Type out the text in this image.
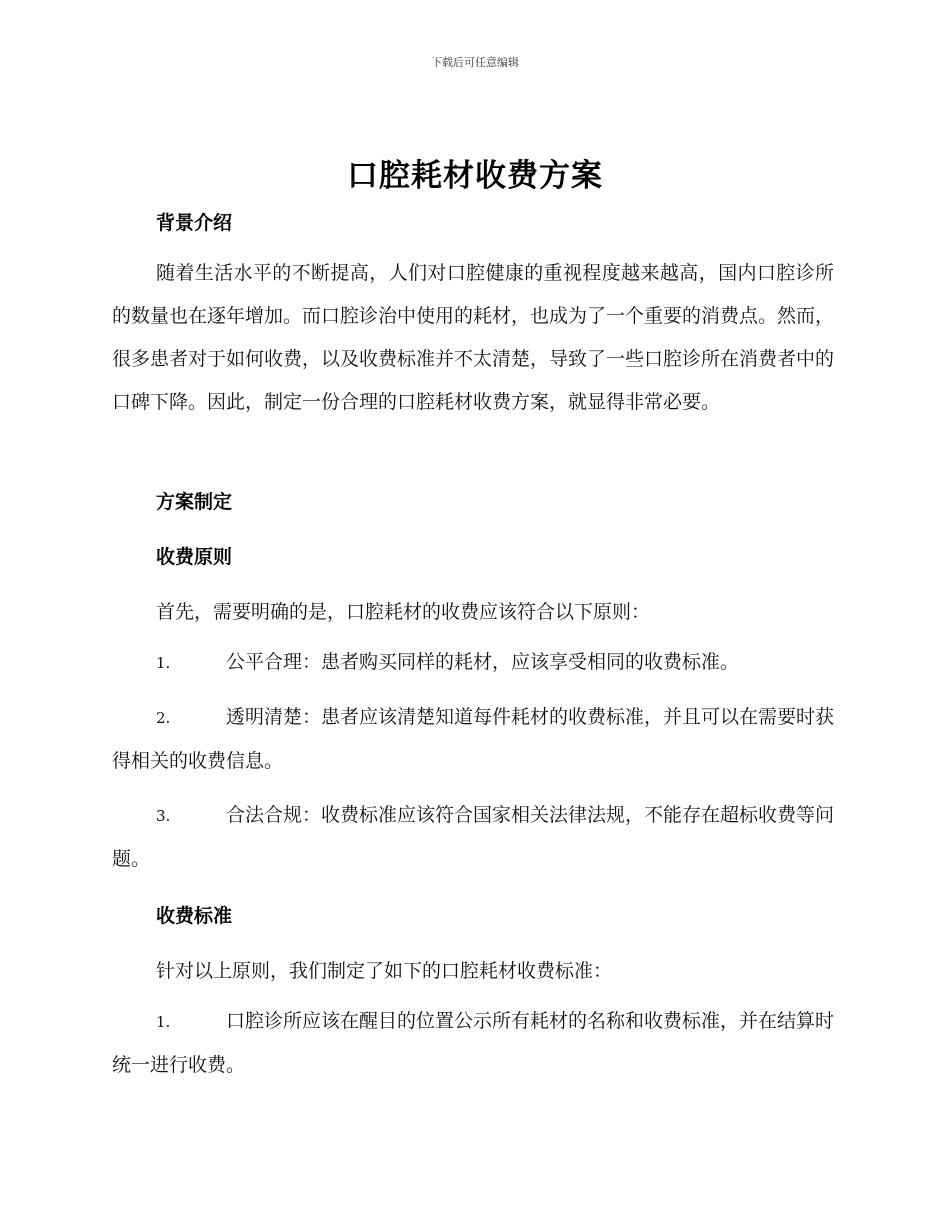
下载后可任意编辑
口腔耗材收费方案
背景介绍

随着生活水平的不断提高，人们对口腔健康的重视程度越来越高，国内口腔诊所的数量也在逐年增加。而口腔诊治中使用的耗材，也成为了一个重要的消费点。然而，很多患者对于如何收费，以及收费标准并不太清楚，导致了一些口腔诊所在消费者中的口碑下降。因此，制定一份合理的口腔耗材收费方案，就显得非常必要。

方案制定
收费原则
首先，需要明确的是，口腔耗材的收费应该符合以下原则：

1.	公平合理：患者购买同样的耗材，应该享受相同的收费标准。

2.	透明清楚：患者应该清楚知道每件耗材的收费标准，并且可以在需要时获得相关的收费信息。

3.	合法合规：收费标准应该符合国家相关法律法规，不能存在超标收费等问题。

收费标准
针对以上原则，我们制定了如下的口腔耗材收费标准：

1.	口腔诊所应该在醒目的位置公示所有耗材的名称和收费标准，并在结算时统一进行收费。
